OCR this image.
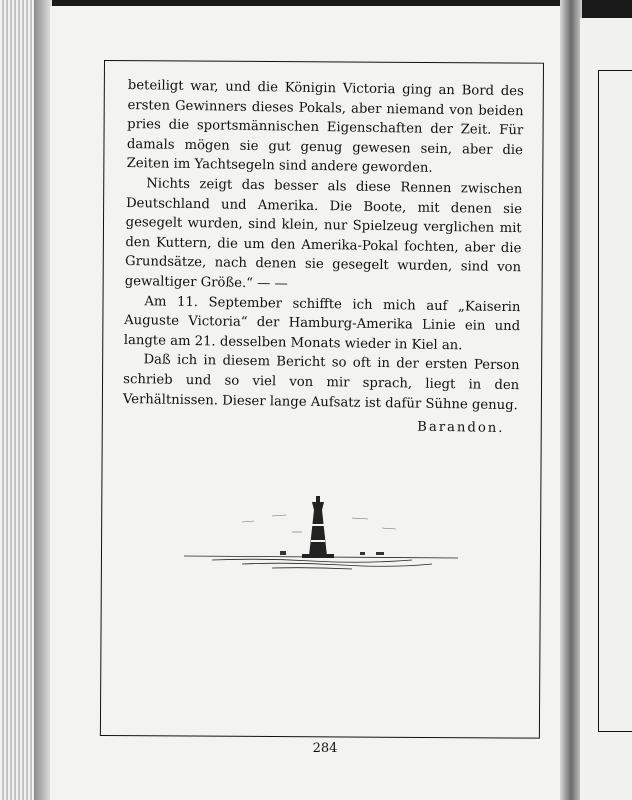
beteiligt war, und die Königin Victoria ging an Bord des ersten Gewinners dieses Pokals, aber niemand von beiden pries die sportsmännischen Eigenschaften der Zeit. Für damals mögen sie gut genug gewesen sein, aber die Zeiten im Yachtsegeln sind andere geworden.

Nichts zeigt das besser als diese Rennen zwischen Deutschland und Amerika. Die Boote, mit denen sie gesegelt wurden, sind klein, nur Spielzeug verglichen mit den Kuttern, die um den Amerika-Pokal fochten, aber die Grundsätze, nach denen sie gesegelt wurden, sind von gewaltiger Größe.“ — —

Am 11. September schiffte ich mich auf „Kaiserin Auguste Victoria“ der Hamburg-Amerika Linie ein und langte am 21. desselben Monats wieder in Kiel an.

Daß ich in diesem Bericht so oft in der ersten Person schrieb und so viel von mir sprach, liegt in den Verhältnissen. Dieser lange Aufsatz ist dafür Sühne genug.

Barandon.
284
